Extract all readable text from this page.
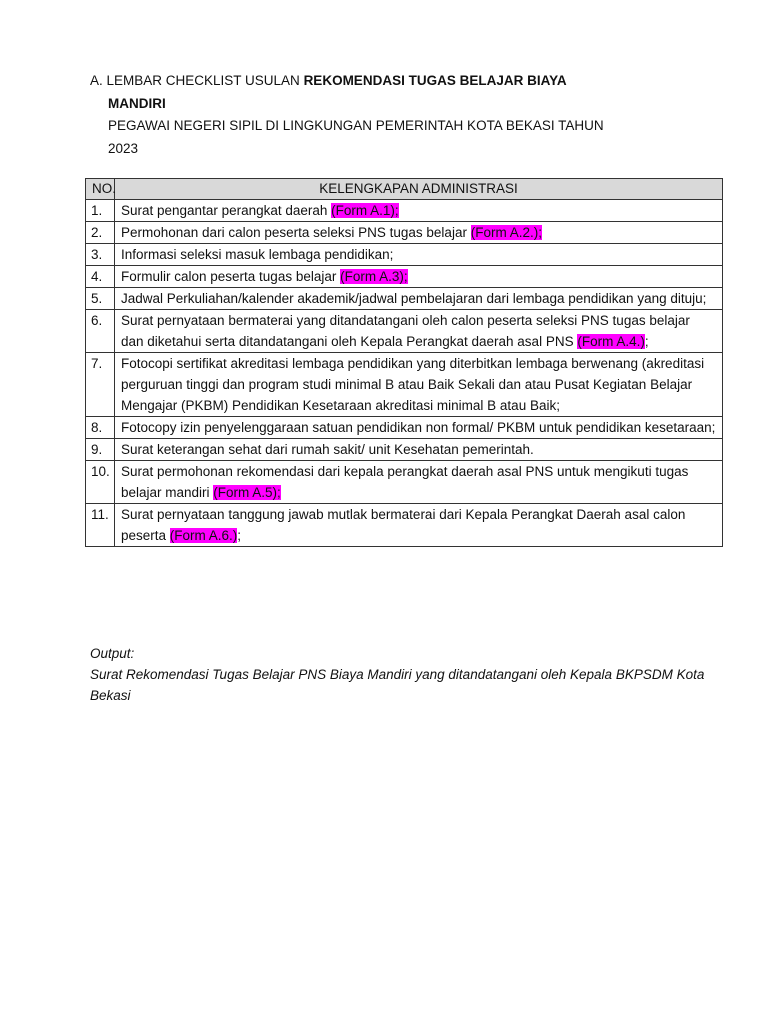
A. LEMBAR CHECKLIST USULAN REKOMENDASI TUGAS BELAJAR BIAYA
MANDIRI
PEGAWAI NEGERI SIPIL DI LINGKUNGAN PEMERINTAH KOTA BEKASI TAHUN
2023
NO.	KELENGKAPAN ADMINISTRASI
1.	Surat pengantar perangkat daerah (Form A.1);
2.	Permohonan dari calon peserta seleksi PNS tugas belajar (Form A.2.);
3.	Informasi seleksi masuk lembaga pendidikan;
4.	Formulir calon peserta tugas belajar (Form A.3);
5.	Jadwal Perkuliahan/kalender akademik/jadwal pembelajaran dari lembaga pendidikan yang dituju;
6.	Surat pernyataan bermaterai yang ditandatangani oleh calon peserta seleksi PNS tugas belajar dan diketahui serta ditandatangani oleh Kepala Perangkat daerah asal PNS (Form A.4.);
7.	Fotocopi sertifikat akreditasi lembaga pendidikan yang diterbitkan lembaga berwenang (akreditasi perguruan tinggi dan program studi minimal B atau Baik Sekali dan atau Pusat Kegiatan Belajar Mengajar (PKBM) Pendidikan Kesetaraan akreditasi minimal B atau Baik;
8.	Fotocopy izin penyelenggaraan satuan pendidikan non formal/ PKBM untuk pendidikan kesetaraan;
9.	Surat keterangan sehat dari rumah sakit/ unit Kesehatan pemerintah.
10.	Surat permohonan rekomendasi dari kepala perangkat daerah asal PNS untuk mengikuti tugas belajar mandiri (Form A.5);
11.	Surat pernyataan tanggung jawab mutlak bermaterai dari Kepala Perangkat Daerah asal calon peserta (Form A.6.);
Output:
Surat Rekomendasi Tugas Belajar PNS Biaya Mandiri yang ditandatangani oleh Kepala BKPSDM Kota Bekasi
